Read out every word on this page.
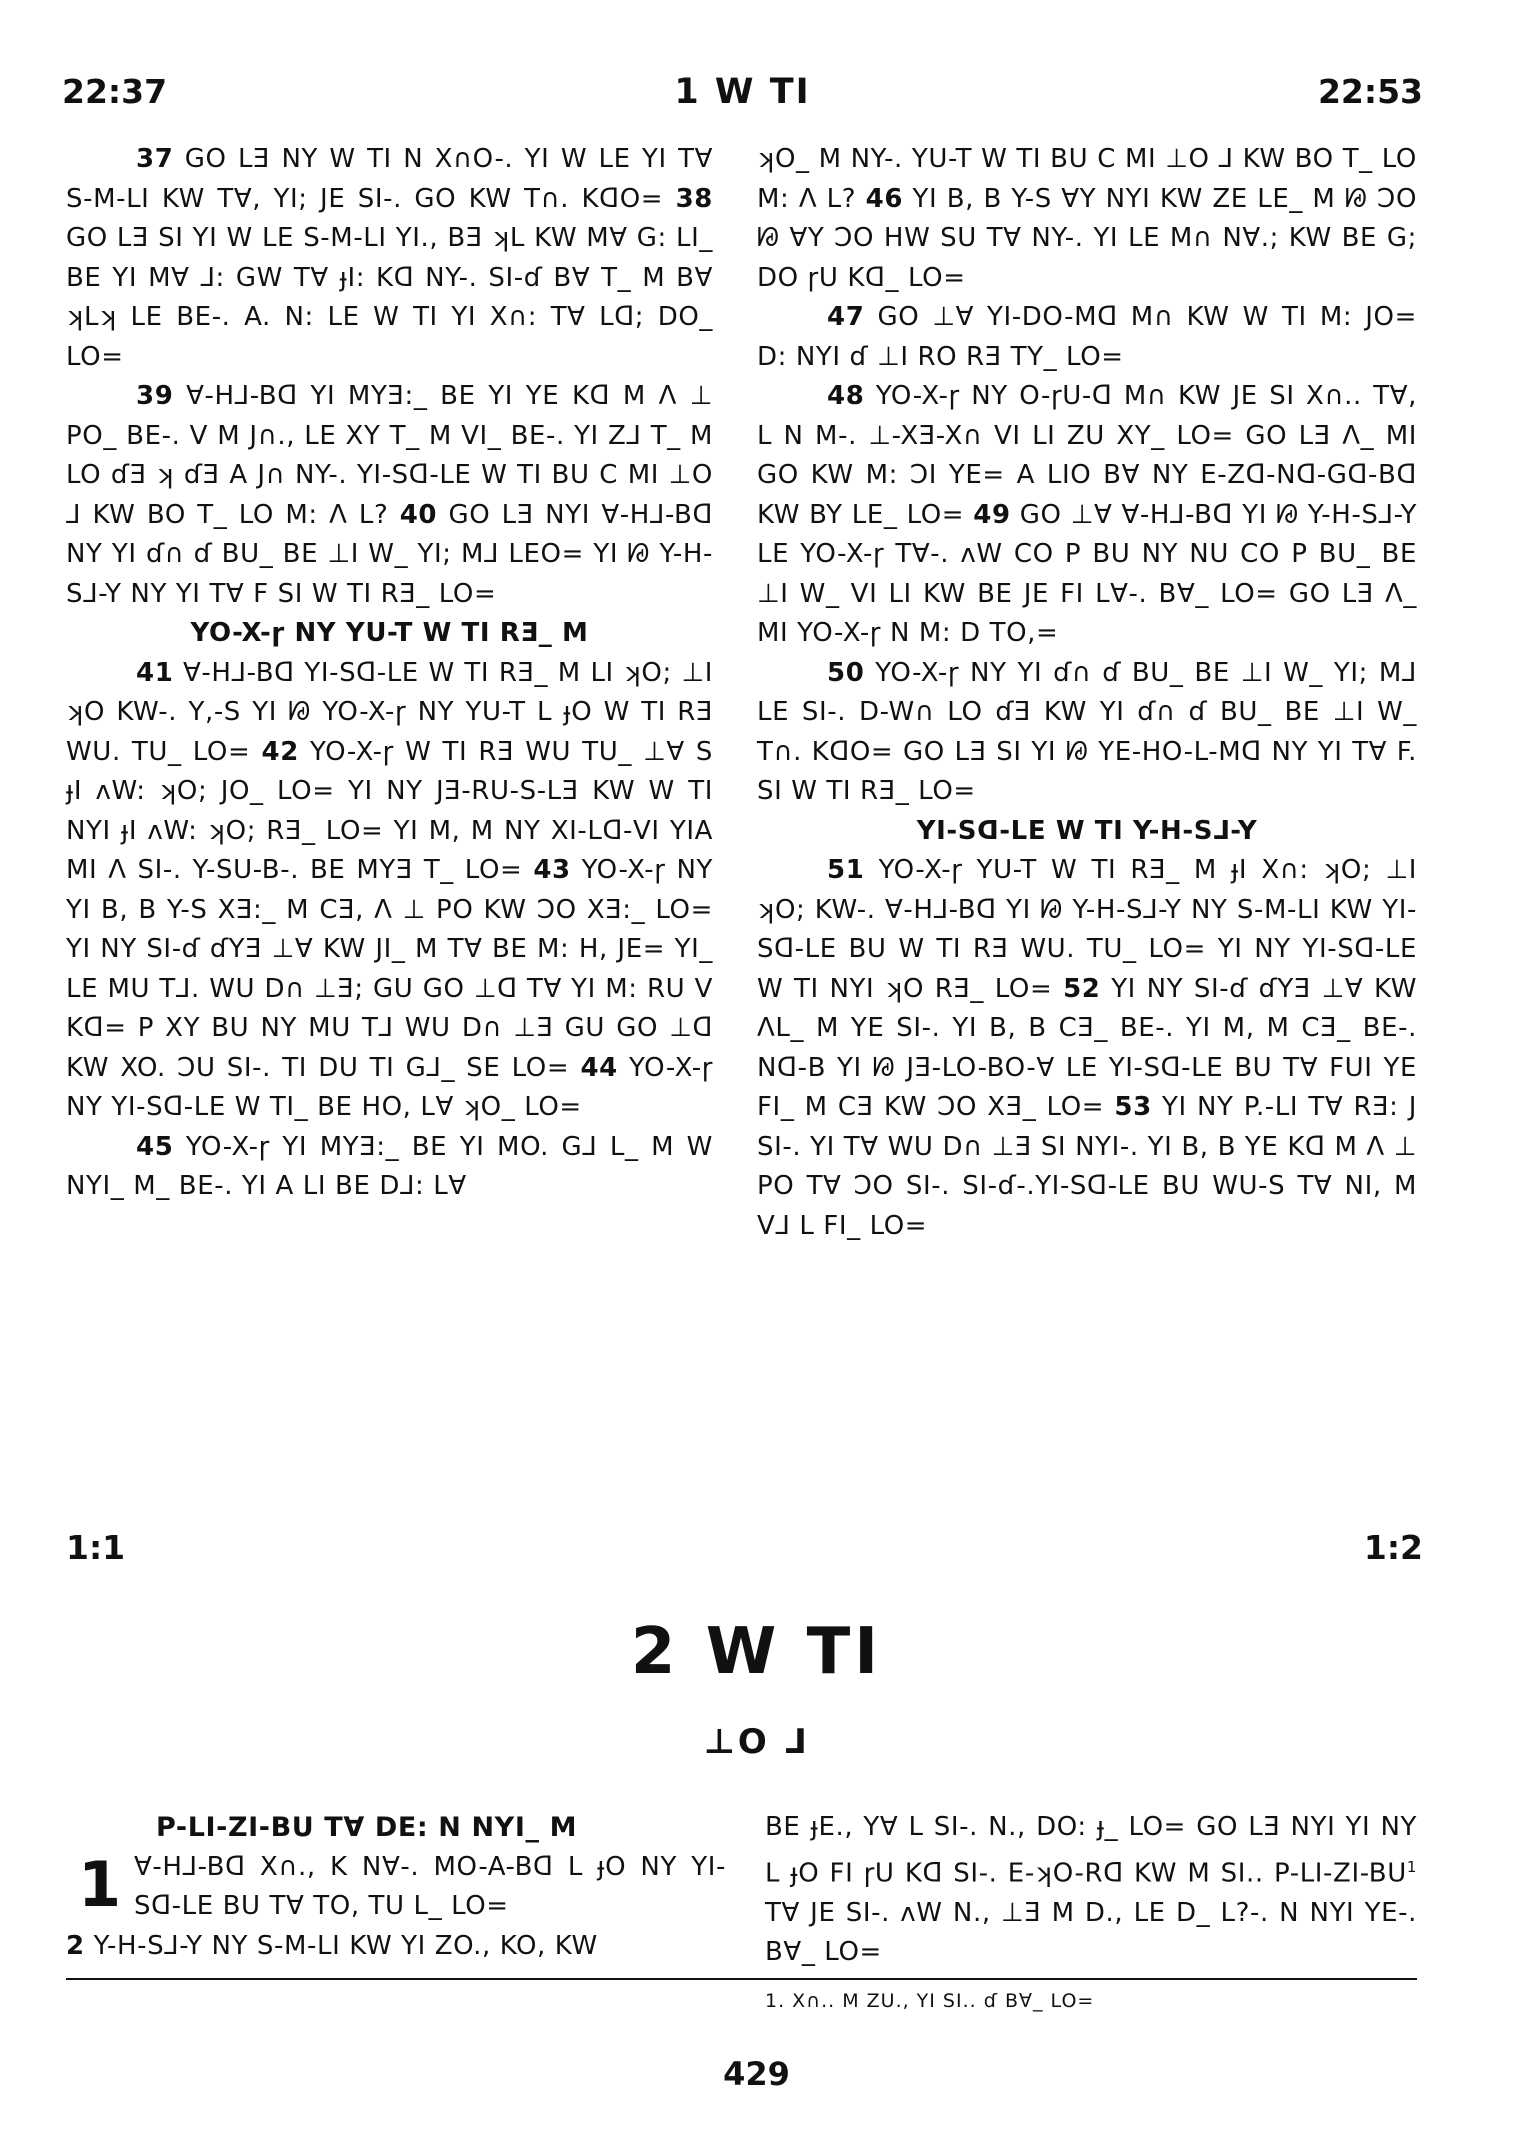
22:37	1 W TI	22:53

37 GO LƎ NY W TI N X∩O-. YI W LE YI T∀ S-M-LI KW T∀, YI; JE SI-. GO KW T∩. KᗡO= 38 GO LƎ SI YI W LE S-M-LI YI., BƎ ʞL KW M∀ G: LI_ BE YI M∀ ⅃: GW T∀ ɟI: Kᗡ NY-. SI-ɗ B∀ T_ M B∀ ʞLʞ LE BE-. A. N: LE W TI YI X∩: T∀ Lᗡ; DO_ LO=

39 ∀-H⅃-Bᗡ YI MYƎ:_ BE YI YE Kᗡ M Λ ⊥ PO_ BE-. V M J∩., LE XY T_ M VI_ BE-. YI Z⅃ T_ M LO ɗƎ ʞ ɗƎ A J∩ NY-. YI-Sᗡ-LE W TI BU C MI ⊥O ⅃ KW BO T_ LO M: Λ L? 40 GO LƎ NYI ∀-H⅃-Bᗡ NY YI ɗ∩ ɗ BU_ BE ⊥I W_ YI; M⅃ LEO= YI ᘘ Y-H-S⅃-Y NY YI T∀ F SI W TI RƎ_ LO=

YO-X-ɼ NY YU-T W TI RƎ_ M

41 ∀-H⅃-Bᗡ YI-Sᗡ-LE W TI RƎ_ M LI ʞO; ⊥I ʞO KW-. Y,-S YI ᘘ YO-X-ɼ NY YU-T L ɟO W TI RƎ WU. TU_ LO= 42 YO-X-ɼ W TI RƎ WU TU_ ⊥∀ S ɟI ʌW: ʞO; JO_ LO= YI NY JƎ-RU-S-LƎ KW W TI NYI ɟI ʌW: ʞO; RƎ_ LO= YI M, M NY XI-Lᗡ-VI YIA MI Λ SI-. Y-SU-B-. BE MYƎ T_ LO= 43 YO-X-ɼ NY YI B, B Y-S XƎ:_ M CƎ, Λ ⊥ PO KW ƆO XƎ:_ LO= YI NY SI-ɗ ɗYƎ ⊥∀ KW JI_ M T∀ BE M: H, JE= YI_ LE MU T⅃. WU D∩ ⊥Ǝ; GU GO ⊥ᗡ T∀ YI M: RU V Kᗡ= P XY BU NY MU T⅃ WU D∩ ⊥Ǝ GU GO ⊥ᗡ KW XO. ƆU SI-. TI DU TI G⅃_ SE LO= 44 YO-X-ɼ NY YI-Sᗡ-LE W TI_ BE HO, L∀ ʞO_ LO=

45 YO-X-ɼ YI MYƎ:_ BE YI MO. G⅃ L_ M W NYI_ M_ BE-. YI A LI BE D⅃: L∀

ʞO_ M NY-. YU-T W TI BU C MI ⊥O ⅃ KW BO T_ LO M: Λ L? 46 YI B, B Y-S ∀Y NYI KW ZE LE_ M ᘘ ƆO ᘘ ∀Y ƆO HW SU T∀ NY-. YI LE M∩ N∀.; KW BE G; DO ɼU Kᗡ_ LO=

47 GO ⊥∀ YI-DO-Mᗡ M∩ KW W TI M: JO= D: NYI ɗ ⊥I RO RƎ TY_ LO=

48 YO-X-ɼ NY O-ɼU-ᗡ M∩ KW JE SI X∩.. T∀, L N M-. ⊥-XƎ-X∩ VI LI ZU XY_ LO= GO LƎ Λ_ MI GO KW M: ƆI YE= A LIO B∀ NY E-Zᗡ-Nᗡ-Gᗡ-Bᗡ KW BY LE_ LO= 49 GO ⊥∀ ∀-H⅃-Bᗡ YI ᘘ Y-H-S⅃-Y LE YO-X-ɼ T∀-. ʌW CO P BU NY NU CO P BU_ BE ⊥I W_ VI LI KW BE JE FI L∀-. B∀_ LO= GO LƎ Λ_ MI YO-X-ɼ N M: D TO,=

50 YO-X-ɼ NY YI ɗ∩ ɗ BU_ BE ⊥I W_ YI; M⅃ LE SI-. D-W∩ LO ɗƎ KW YI ɗ∩ ɗ BU_ BE ⊥I W_ T∩. KᗡO= GO LƎ SI YI ᘘ YE-HO-L-Mᗡ NY YI T∀ F. SI W TI RƎ_ LO=

YI-Sᗡ-LE W TI Y-H-S⅃-Y

51 YO-X-ɼ YU-T W TI RƎ_ M ɟI X∩: ʞO; ⊥I ʞO; KW-. ∀-H⅃-Bᗡ YI ᘘ Y-H-S⅃-Y NY S-M-LI KW YI-Sᗡ-LE BU W TI RƎ WU. TU_ LO= YI NY YI-Sᗡ-LE W TI NYI ʞO RƎ_ LO= 52 YI NY SI-ɗ ɗYƎ ⊥∀ KW ΛL_ M YE SI-. YI B, B CƎ_ BE-. YI M, M CƎ_ BE-. Nᗡ-B YI ᘘ JƎ-LO-BO-∀ LE YI-Sᗡ-LE BU T∀ FUI YE FI_ M CƎ KW ƆO XƎ_ LO= 53 YI NY P.-LI T∀ RƎ: J SI-. YI T∀ WU D∩ ⊥Ǝ SI NYI-. YI B, B YE Kᗡ M Λ ⊥ PO T∀ ƆO SI-. SI-ɗ-.YI-Sᗡ-LE BU WU-S T∀ NI, M V⅃ L FI_ LO=

1:1	1:2
2 W TI
⊥O ⅃
P-LI-ZI-BU T∀ DE: N NYI_ M
1 ∀-H⅃-Bᗡ X∩., K N∀-. MO-A-Bᗡ L ɟO NY YI-Sᗡ-LE BU T∀ TO, TU L_ LO=

2 Y-H-S⅃-Y NY S-M-LI KW YI ZO., KO, KW

BE ɟE., Y∀ L SI-. N., DO: ɟ_ LO= GO LƎ NYI YI NY L ɟO FI ɼU Kᗡ SI-. E-ʞO-Rᗡ KW M SI.. $P-LI-ZI-BU^1$ T∀ JE SI-. ʌW N., ⊥Ǝ M D., LE D_ L?-. N NYI YE-. B∀_ LO=

1. X∩.. M ZU., YI SI.. ɗ B∀_ LO=
429
